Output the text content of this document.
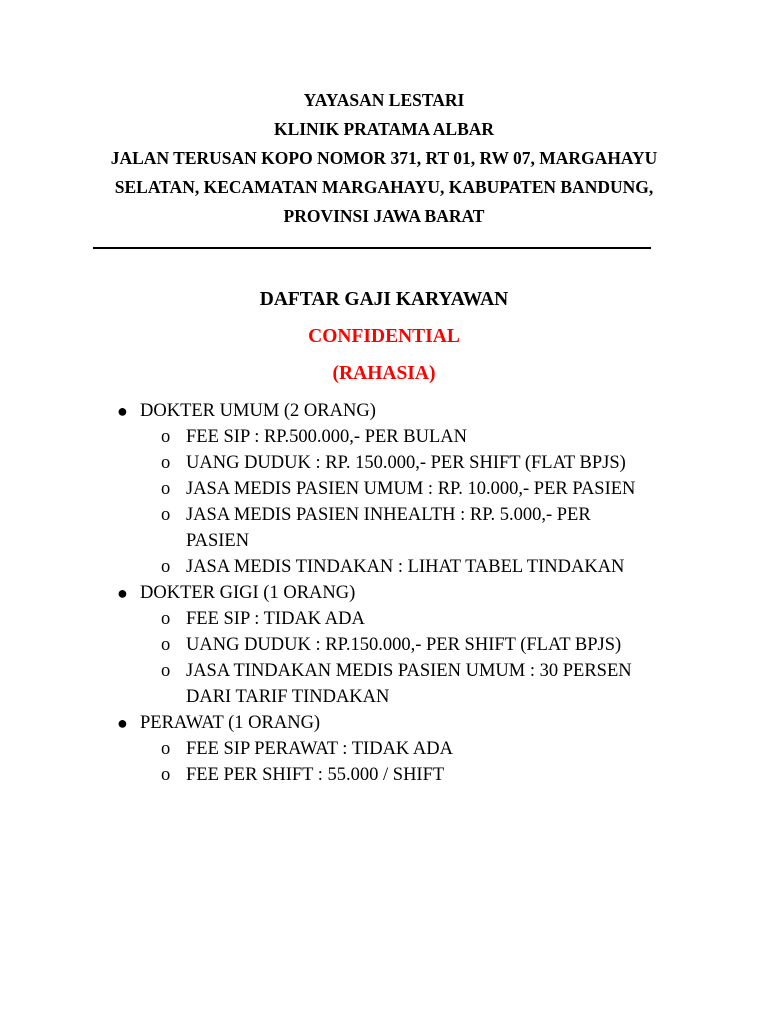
YAYASAN LESTARI
KLINIK PRATAMA ALBAR
JALAN TERUSAN KOPO NOMOR 371, RT 01, RW 07, MARGAHAYU
SELATAN, KECAMATAN MARGAHAYU, KABUPATEN BANDUNG,
PROVINSI JAWA BARAT
DAFTAR GAJI KARYAWAN
CONFIDENTIAL
(RAHASIA)
● DOKTER UMUM (2 ORANG)
o FEE SIP : RP.500.000,- PER BULAN
o UANG DUDUK : RP. 150.000,- PER SHIFT (FLAT BPJS)
o JASA MEDIS PASIEN UMUM : RP. 10.000,- PER PASIEN
o JASA MEDIS PASIEN INHEALTH : RP. 5.000,- PER PASIEN
o JASA MEDIS TINDAKAN : LIHAT TABEL TINDAKAN
● DOKTER GIGI (1 ORANG)
o FEE SIP : TIDAK ADA
o UANG DUDUK : RP.150.000,- PER SHIFT (FLAT BPJS)
o JASA TINDAKAN MEDIS PASIEN UMUM : 30 PERSEN DARI TARIF TINDAKAN
● PERAWAT (1 ORANG)
o FEE SIP PERAWAT : TIDAK ADA
o FEE PER SHIFT : 55.000 / SHIFT
